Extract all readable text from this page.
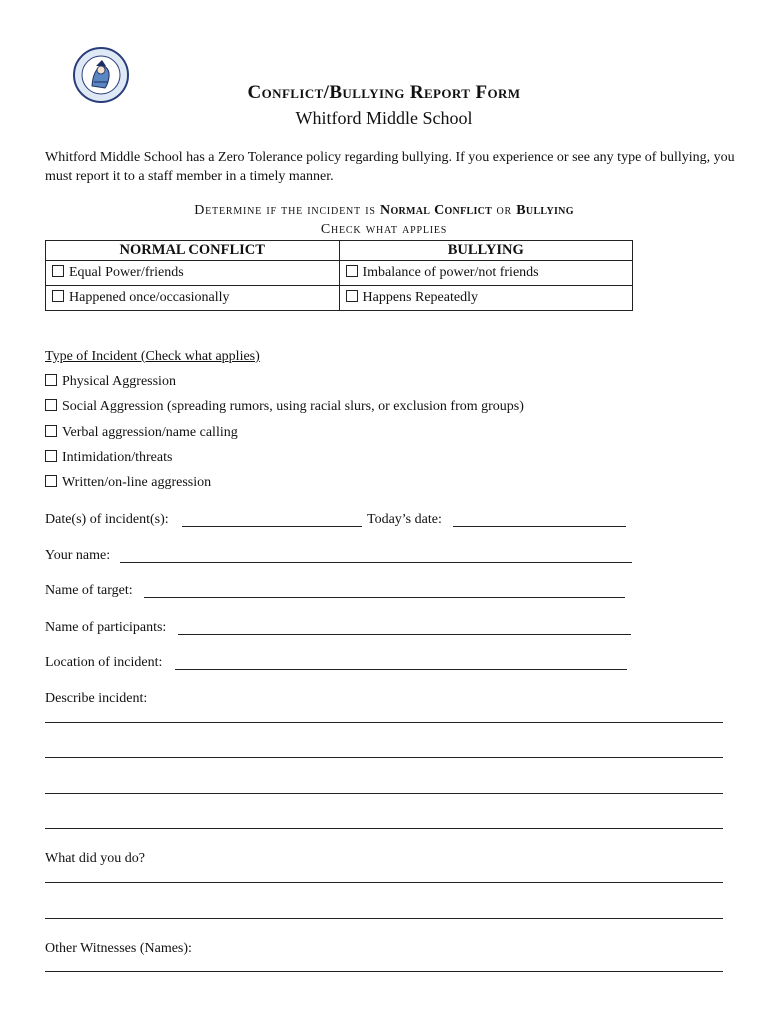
Conflict/Bullying Report Form
Whitford Middle School
Whitford Middle School has a Zero Tolerance policy regarding bullying. If you experience or see any type of bullying, you must report it to a staff member in a timely manner.
Determine if the incident is Normal Conflict or Bullying
Check what applies
NORMAL CONFLICT	BULLYING
Equal Power/friends	Imbalance of power/not friends
Happened once/occasionally	Happens Repeatedly
Type of Incident (Check what applies)
Physical Aggression
Social Aggression (spreading rumors, using racial slurs, or exclusion from groups)
Verbal aggression/name calling
Intimidation/threats
Written/on-line aggression
Date(s) of incident(s):	Today’s date:
Your name:
Name of target:
Name of participants:
Location of incident:
Describe incident:
What did you do?
Other Witnesses (Names):
